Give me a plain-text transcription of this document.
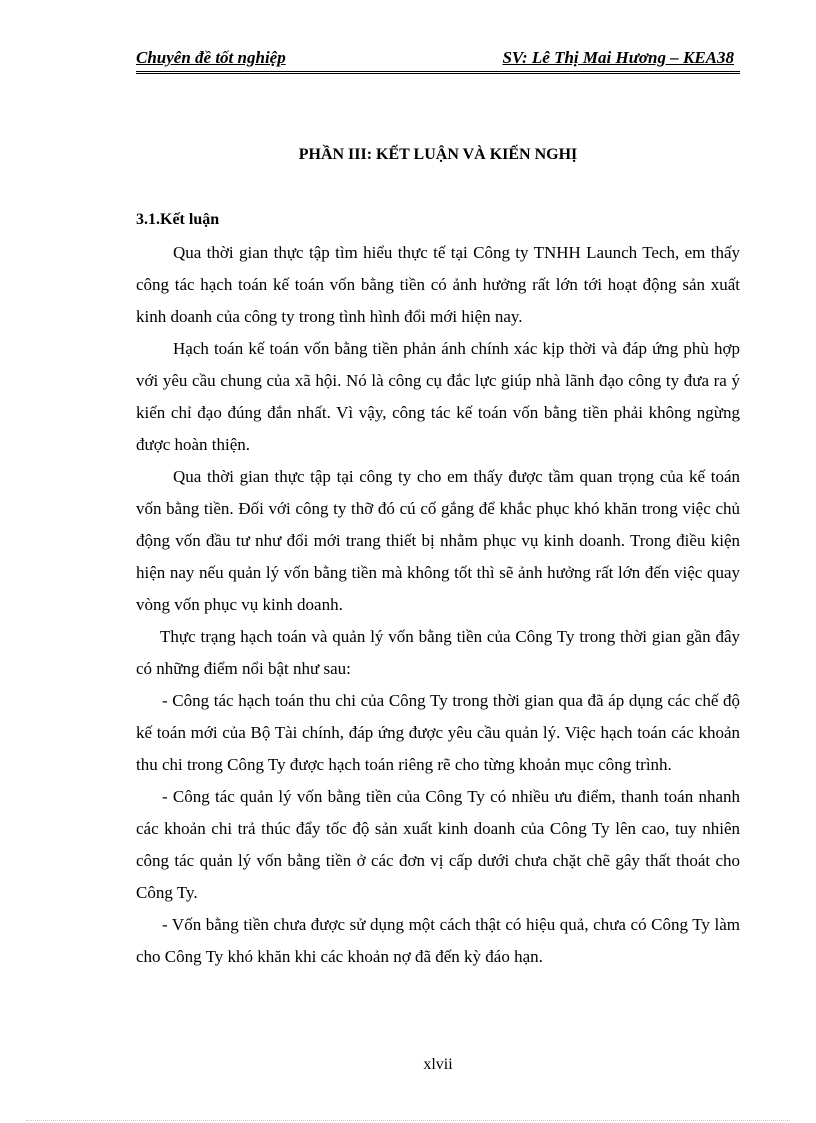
Chuyên đề tốt nghiệp	SV: Lê Thị Mai Hương – KEA38
PHẦN III: KẾT LUẬN VÀ KIẾN NGHỊ
3.1.Kết luận

Qua thời gian thực tập tìm hiểu thực tế tại Công ty TNHH Launch Tech, em thấy công tác hạch toán kế toán vốn bằng tiền có ảnh hưởng rất lớn tới hoạt động sản xuất kinh doanh của công ty trong tình hình đổi mới hiện nay.

Hạch toán kế toán vốn bằng tiền phản ánh chính xác kịp thời và đáp ứng phù hợp với yêu cầu chung của xã hội. Nó là công cụ đắc lực giúp nhà lãnh đạo công ty đưa ra ý kiến chỉ đạo đúng đắn nhất. Vì vậy, công tác kế toán vốn bằng tiền phải không ngừng được hoàn thiện.

Qua thời gian thực tập tại công ty cho em thấy được tầm quan trọng của kế toán vốn bằng tiền. Đối với công ty thỡ đó cú cố gắng để khắc phục khó khăn trong việc chủ động vốn đầu tư như đổi mới trang thiết bị nhằm phục vụ kinh doanh. Trong điều kiện hiện nay nếu quản lý vốn bằng tiền mà không tốt thì sẽ ảnh hưởng rất lớn đến việc quay vòng vốn phục vụ kinh doanh.

Thực trạng hạch toán và quản lý vốn bằng tiền của Công Ty trong thời gian gần đây có những điểm nổi bật như sau:

- Công tác hạch toán thu chi của Công Ty trong thời gian qua đã áp dụng các chế độ kế toán mới của Bộ Tài chính, đáp ứng được yêu cầu quản lý. Việc hạch toán các khoản thu chi trong Công Ty được hạch toán riêng rẽ cho từng khoản mục công trình.

- Công tác quản lý vốn bằng tiền của Công Ty có nhiều ưu điểm, thanh toán nhanh các khoản chi trả thúc đẩy tốc độ sản xuất kinh doanh của Công Ty lên cao, tuy nhiên công tác quản lý vốn bằng tiền ở các đơn vị cấp dưới chưa chặt chẽ gây thất thoát cho Công Ty.

- Vốn bằng tiền chưa được sử dụng một cách thật có hiệu quả, chưa có Công Ty làm cho Công Ty khó khăn khi các khoản nợ đã đến kỳ đáo hạn.

xlvii
